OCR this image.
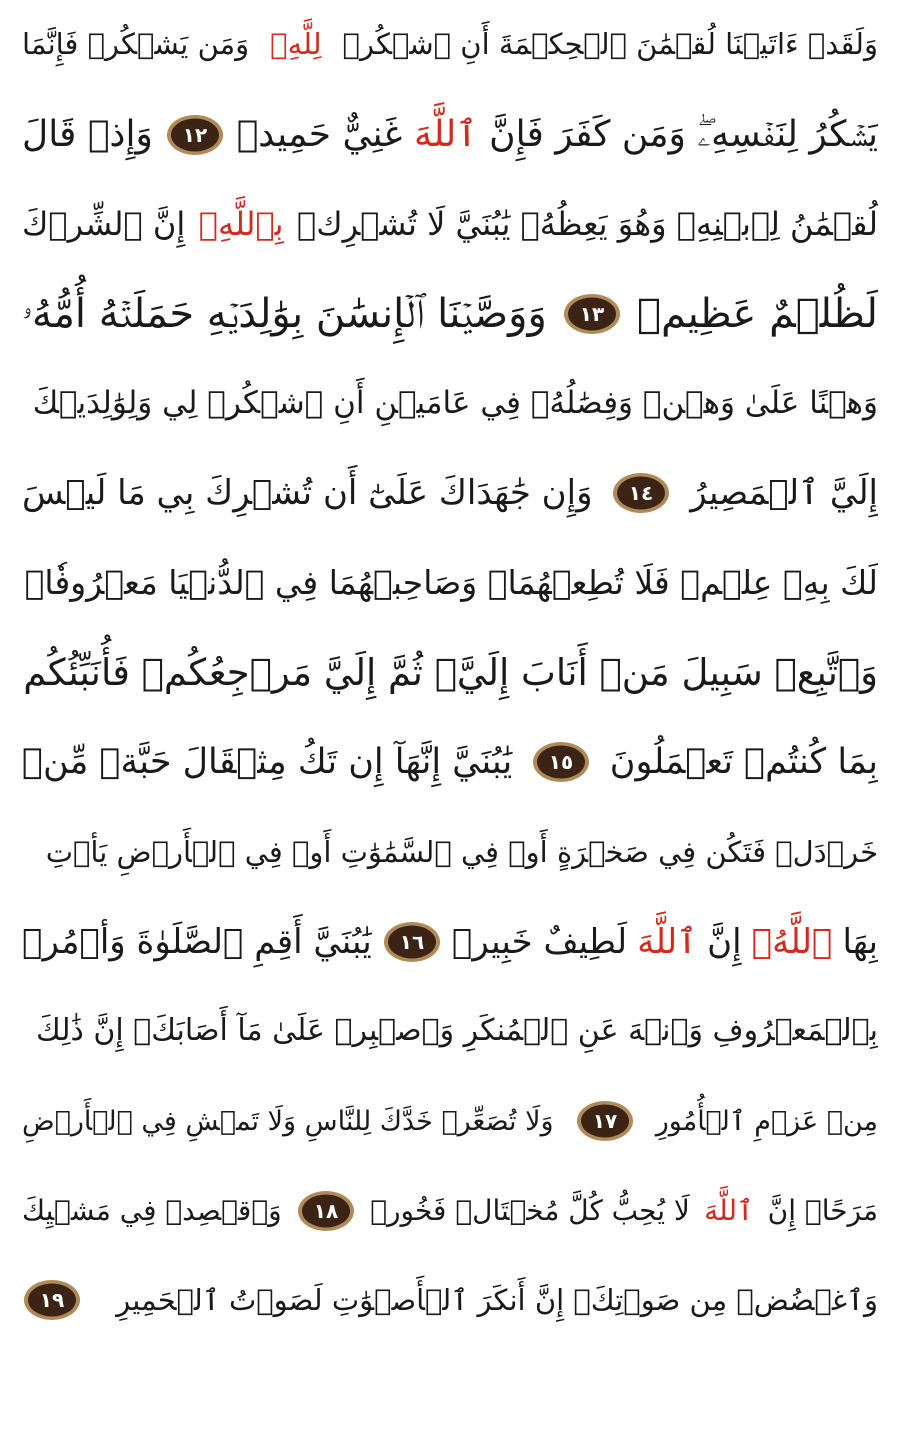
وَلَقَدۡ ءَاتَيۡنَا لُقۡمَٰنَ ٱلۡحِكۡمَةَ أَنِ ٱشۡكُرۡ
لِلَّهِۚ
وَمَن يَشۡكُرۡ فَإِنَّمَا
يَشۡكُرُ لِنَفۡسِهِۦۖ وَمَن كَفَرَ فَإِنَّ
ٱللَّهَ
غَنِيٌّ حَمِيدٞ
١٢
وَإِذۡ قَالَ
لُقۡمَٰنُ لِٱبۡنِهِۦ وَهُوَ يَعِظُهُۥ يَٰبُنَيَّ لَا تُشۡرِكۡ
بِٱللَّهِۖ
إِنَّ ٱلشِّرۡكَ
لَظُلۡمٌ عَظِيمٞ
١٣
وَوَصَّيۡنَا ٱلۡإِنسَٰنَ بِوَٰلِدَيۡهِ حَمَلَتۡهُ أُمُّهُۥ
وَهۡنًا عَلَىٰ وَهۡنٖ وَفِصَٰلُهُۥ فِي عَامَيۡنِ أَنِ ٱشۡكُرۡ لِي وَلِوَٰلِدَيۡكَ
إِلَيَّ ٱلۡمَصِيرُ
١٤
وَإِن جَٰهَدَاكَ عَلَىٰٓ أَن تُشۡرِكَ بِي مَا لَيۡسَ
لَكَ بِهِۦ عِلۡمٞ فَلَا تُطِعۡهُمَاۖ وَصَاحِبۡهُمَا فِي ٱلدُّنۡيَا مَعۡرُوفٗاۖ
وَٱتَّبِعۡ سَبِيلَ مَنۡ أَنَابَ إِلَيَّۚ ثُمَّ إِلَيَّ مَرۡجِعُكُمۡ فَأُنَبِّئُكُم
بِمَا كُنتُمۡ تَعۡمَلُونَ
١٥
يَٰبُنَيَّ إِنَّهَآ إِن تَكُ مِثۡقَالَ حَبَّةٖ مِّنۡ
خَرۡدَلٖ فَتَكُن فِي صَخۡرَةٍ أَوۡ فِي ٱلسَّمَٰوَٰتِ أَوۡ فِي ٱلۡأَرۡضِ يَأۡتِ
بِهَا
ٱللَّهُۚ
إِنَّ
ٱللَّهَ
لَطِيفٌ خَبِيرٞ
١٦
يَٰبُنَيَّ أَقِمِ ٱلصَّلَوٰةَ وَأۡمُرۡ
بِٱلۡمَعۡرُوفِ وَٱنۡهَ عَنِ ٱلۡمُنكَرِ وَٱصۡبِرۡ عَلَىٰ مَآ أَصَابَكَۖ إِنَّ ذَٰلِكَ
مِنۡ عَزۡمِ ٱلۡأُمُورِ
١٧
وَلَا تُصَعِّرۡ خَدَّكَ لِلنَّاسِ وَلَا تَمۡشِ فِي ٱلۡأَرۡضِ
مَرَحًاۖ إِنَّ
ٱللَّهَ
لَا يُحِبُّ كُلَّ مُخۡتَالٖ فَخُورٖ
١٨
وَٱقۡصِدۡ فِي مَشۡيِكَ
وَٱغۡضُضۡ مِن صَوۡتِكَۚ إِنَّ أَنكَرَ ٱلۡأَصۡوَٰتِ لَصَوۡتُ ٱلۡحَمِيرِ
١٩
